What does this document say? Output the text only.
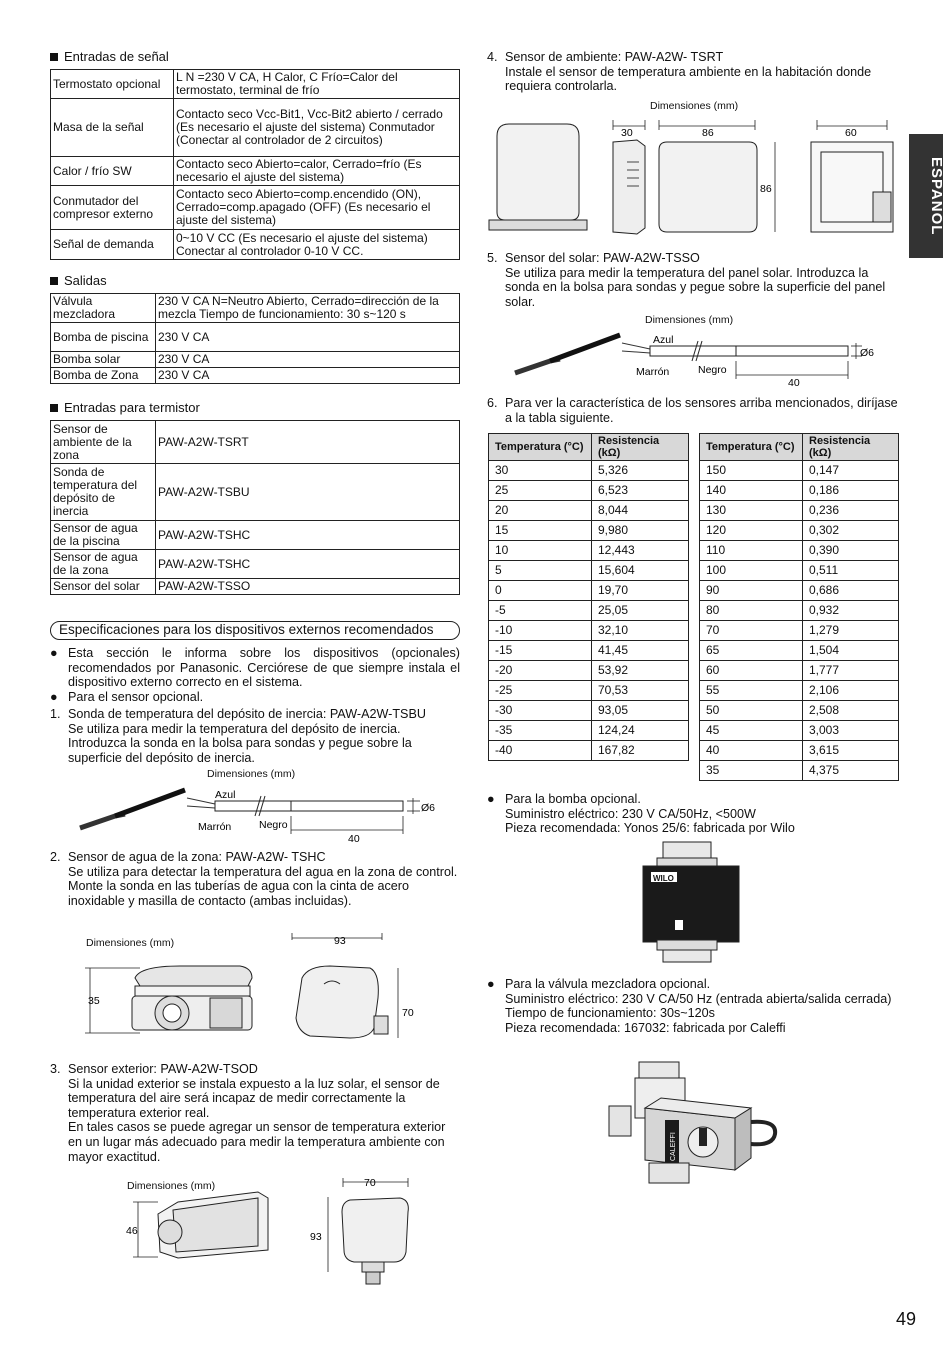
ESPAÑOL
Entradas de señal
Termostato opcional	L N =230 V CA, H Calor, C Frío=Calor del termostato, terminal de frío
Masa de la señal	Contacto seco Vcc-Bit1, Vcc-Bit2 abierto / cerrado (Es necesario el ajuste del sistema) Conmutador (Conectar al controlador de 2 circuitos)
Calor / frío SW	Contacto seco Abierto=calor, Cerrado=frío (Es necesario el ajuste del sistema)
Conmutador del compresor externo	Contacto seco Abierto=comp.encendido (ON), Cerrado=comp.apagado (OFF) (Es necesario el ajuste del sistema)
Señal de demanda	0~10 V CC (Es necesario el ajuste del sistema) Conectar al controlador 0-10 V CC.
Salidas
Válvula mezcladora	230 V CA N=Neutro Abierto, Cerrado=dirección de la mezcla Tiempo de funcionamiento: 30 s~120 s
Bomba de piscina	230 V CA
Bomba solar	230 V CA
Bomba de Zona	230 V CA
Entradas para termistor
Sensor de ambiente de la zona	PAW-A2W-TSRT
Sonda de temperatura del depósito de inercia	PAW-A2W-TSBU
Sensor de agua de la piscina	PAW-A2W-TSHC
Sensor de agua de la zona	PAW-A2W-TSHC
Sensor del solar	PAW-A2W-TSSO
Especificaciones para los dispositivos externos recomendados
● Esta sección le informa sobre los dispositivos (opcionales) recomendados por Panasonic. Cerciórese de que siempre instala el dispositivo externo correcto en el sistema.
● Para el sensor opcional.
1. Sonda de temperatura del depósito de inercia: PAW-A2W-TSBU
Se utiliza para medir la temperatura del depósito de inercia. Introduzca la sonda en la bolsa para sondas y pegue sobre la superficie del depósito de inercia.
Dimensiones (mm)
Azul
Marrón	Negro
Ø6
40
2. Sensor de agua de la zona: PAW-A2W- TSHC
Se utiliza para detectar la temperatura del agua en la zona de control.
Monte la sonda en las tuberías de agua con la cinta de acero inoxidable y masilla de contacto (ambas incluidas).
Dimensiones (mm)
35
93
70
3. Sensor exterior: PAW-A2W-TSOD
Si la unidad exterior se instala expuesto a la luz solar, el sensor de temperatura del aire será incapaz de medir correctamente la temperatura exterior real.
En tales casos se puede agregar un sensor de temperatura exterior en un lugar más adecuado para medir la temperatura ambiente con mayor exactitud.
Dimensiones (mm)
46
70
93
4. Sensor de ambiente: PAW-A2W- TSRT
Instale el sensor de temperatura ambiente en la habitación donde requiera controlarla.
Dimensiones (mm)
30	86
86
60
5. Sensor del solar: PAW-A2W-TSSO
Se utiliza para medir la temperatura del panel solar. Introduzca la sonda en la bolsa para sondas y pegue sobre la superficie del panel solar.
Dimensiones (mm)
Azul
Marrón	Negro
Ø6
40
6. Para ver la característica de los sensores arriba mencionados, diríjase a la tabla siguiente.
Temperatura (°C)	Resistencia (kΩ)
30	5,326
25	6,523
20	8,044
15	9,980
10	12,443
5	15,604
0	19,70
-5	25,05
-10	32,10
-15	41,45
-20	53,92
-25	70,53
-30	93,05
-35	124,24
-40	167,82
Temperatura (°C)	Resistencia (kΩ)
150	0,147
140	0,186
130	0,236
120	0,302
110	0,390
100	0,511
90	0,686
80	0,932
70	1,279
65	1,504
60	1,777
55	2,106
50	2,508
45	3,003
40	3,615
35	4,375
● Para la bomba opcional.
Suministro eléctrico: 230 V CA/50Hz, <500W
Pieza recomendada: Yonos 25/6: fabricada por Wilo
WILO
● Para la válvula mezcladora opcional.
Suministro eléctrico: 230 V CA/50 Hz (entrada abierta/salida cerrada)
Tiempo de funcionamiento: 30s~120s
Pieza recomendada: 167032: fabricada por Caleffi
CALEFFI
49
